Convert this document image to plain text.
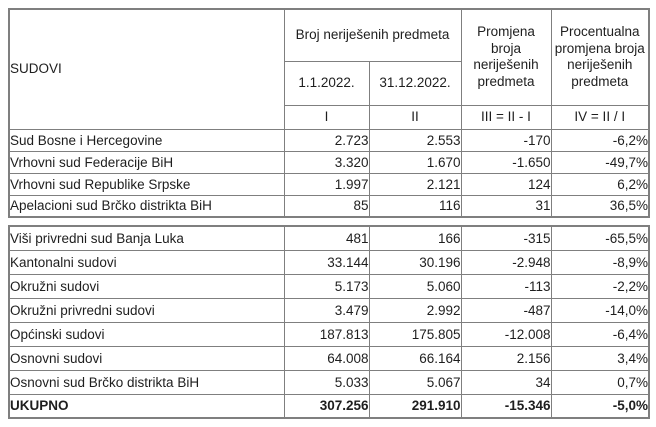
SUDOVI	Broj neriješenih predmeta		Promjena broja neriješenih predmeta	Procentualna promjena broja neriješenih predmeta
	1.1.2022.	31.12.2022.		
	I	II	III = II - I	IV = II / I
Sud Bosne i Hercegovine	2.723	2.553	-170	-6,2%
Vrhovni sud Federacije BiH	3.320	1.670	-1.650	-49,7%
Vrhovni sud Republike Srpske	1.997	2.121	124	6,2%
Apelacioni sud Brčko distrikta BiH	85	116	31	36,5%
Viši privredni sud Banja Luka	481	166	-315	-65,5%
Kantonalni sudovi	33.144	30.196	-2.948	-8,9%
Okružni sudovi	5.173	5.060	-113	-2,2%
Okružni privredni sudovi	3.479	2.992	-487	-14,0%
Općinski sudovi	187.813	175.805	-12.008	-6,4%
Osnovni sudovi	64.008	66.164	2.156	3,4%
Osnovni sud Brčko distrikta BiH	5.033	5.067	34	0,7%
UKUPNO	307.256	291.910	-15.346	-5,0%
